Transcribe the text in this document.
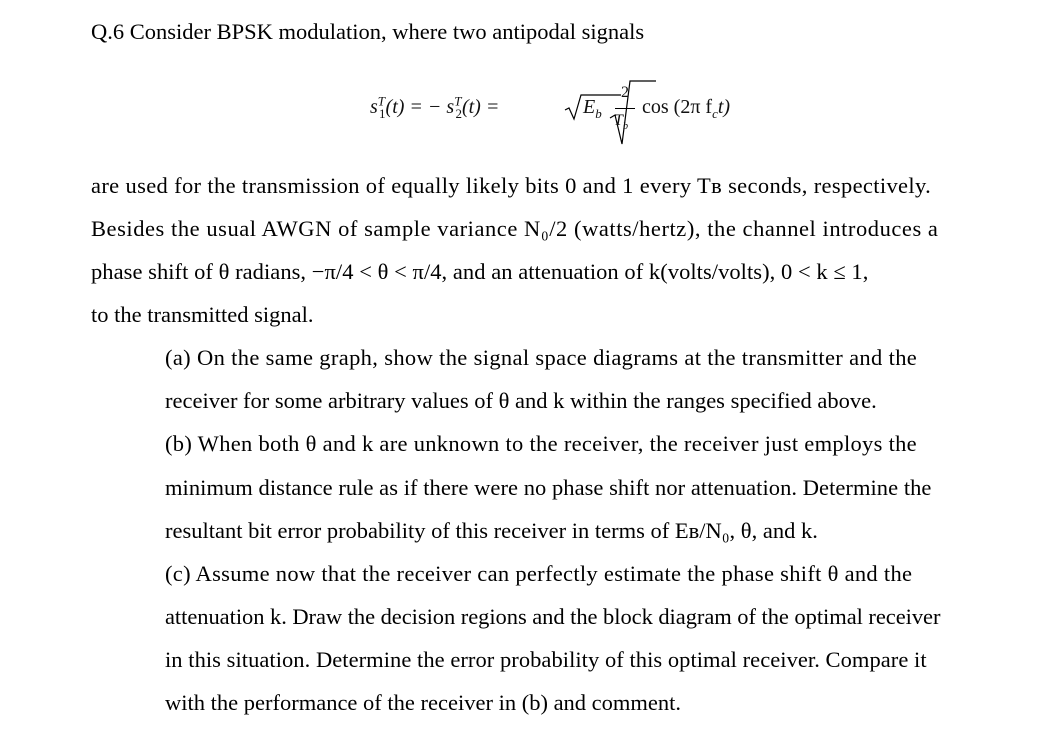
Q.6 Consider BPSK modulation, where two antipodal signals
$s^T_1(t)$ = − $s^T_2(t)$ =	$E_b$
2
$T_b$
cos (2π $f_ct$)
are used for the transmission of equally likely bits 0 and 1 every Tʙ seconds, respectively.
Besides the usual AWGN of sample variance N₀/2 (watts/hertz), the channel introduces a
phase shift of θ radians, −π/4 < θ < π/4, and an attenuation of k(volts/volts), 0 < k ≤ 1,
to the transmitted signal.
(a) On the same graph, show the signal space diagrams at the transmitter and the
receiver for some arbitrary values of θ and k within the ranges specified above.
(b) When both θ and k are unknown to the receiver, the receiver just employs the
minimum distance rule as if there were no phase shift nor attenuation. Determine the
resultant bit error probability of this receiver in terms of Eʙ/N₀, θ, and k.
(c) Assume now that the receiver can perfectly estimate the phase shift θ and the
attenuation k. Draw the decision regions and the block diagram of the optimal receiver
in this situation. Determine the error probability of this optimal receiver. Compare it
with the performance of the receiver in (b) and comment.
